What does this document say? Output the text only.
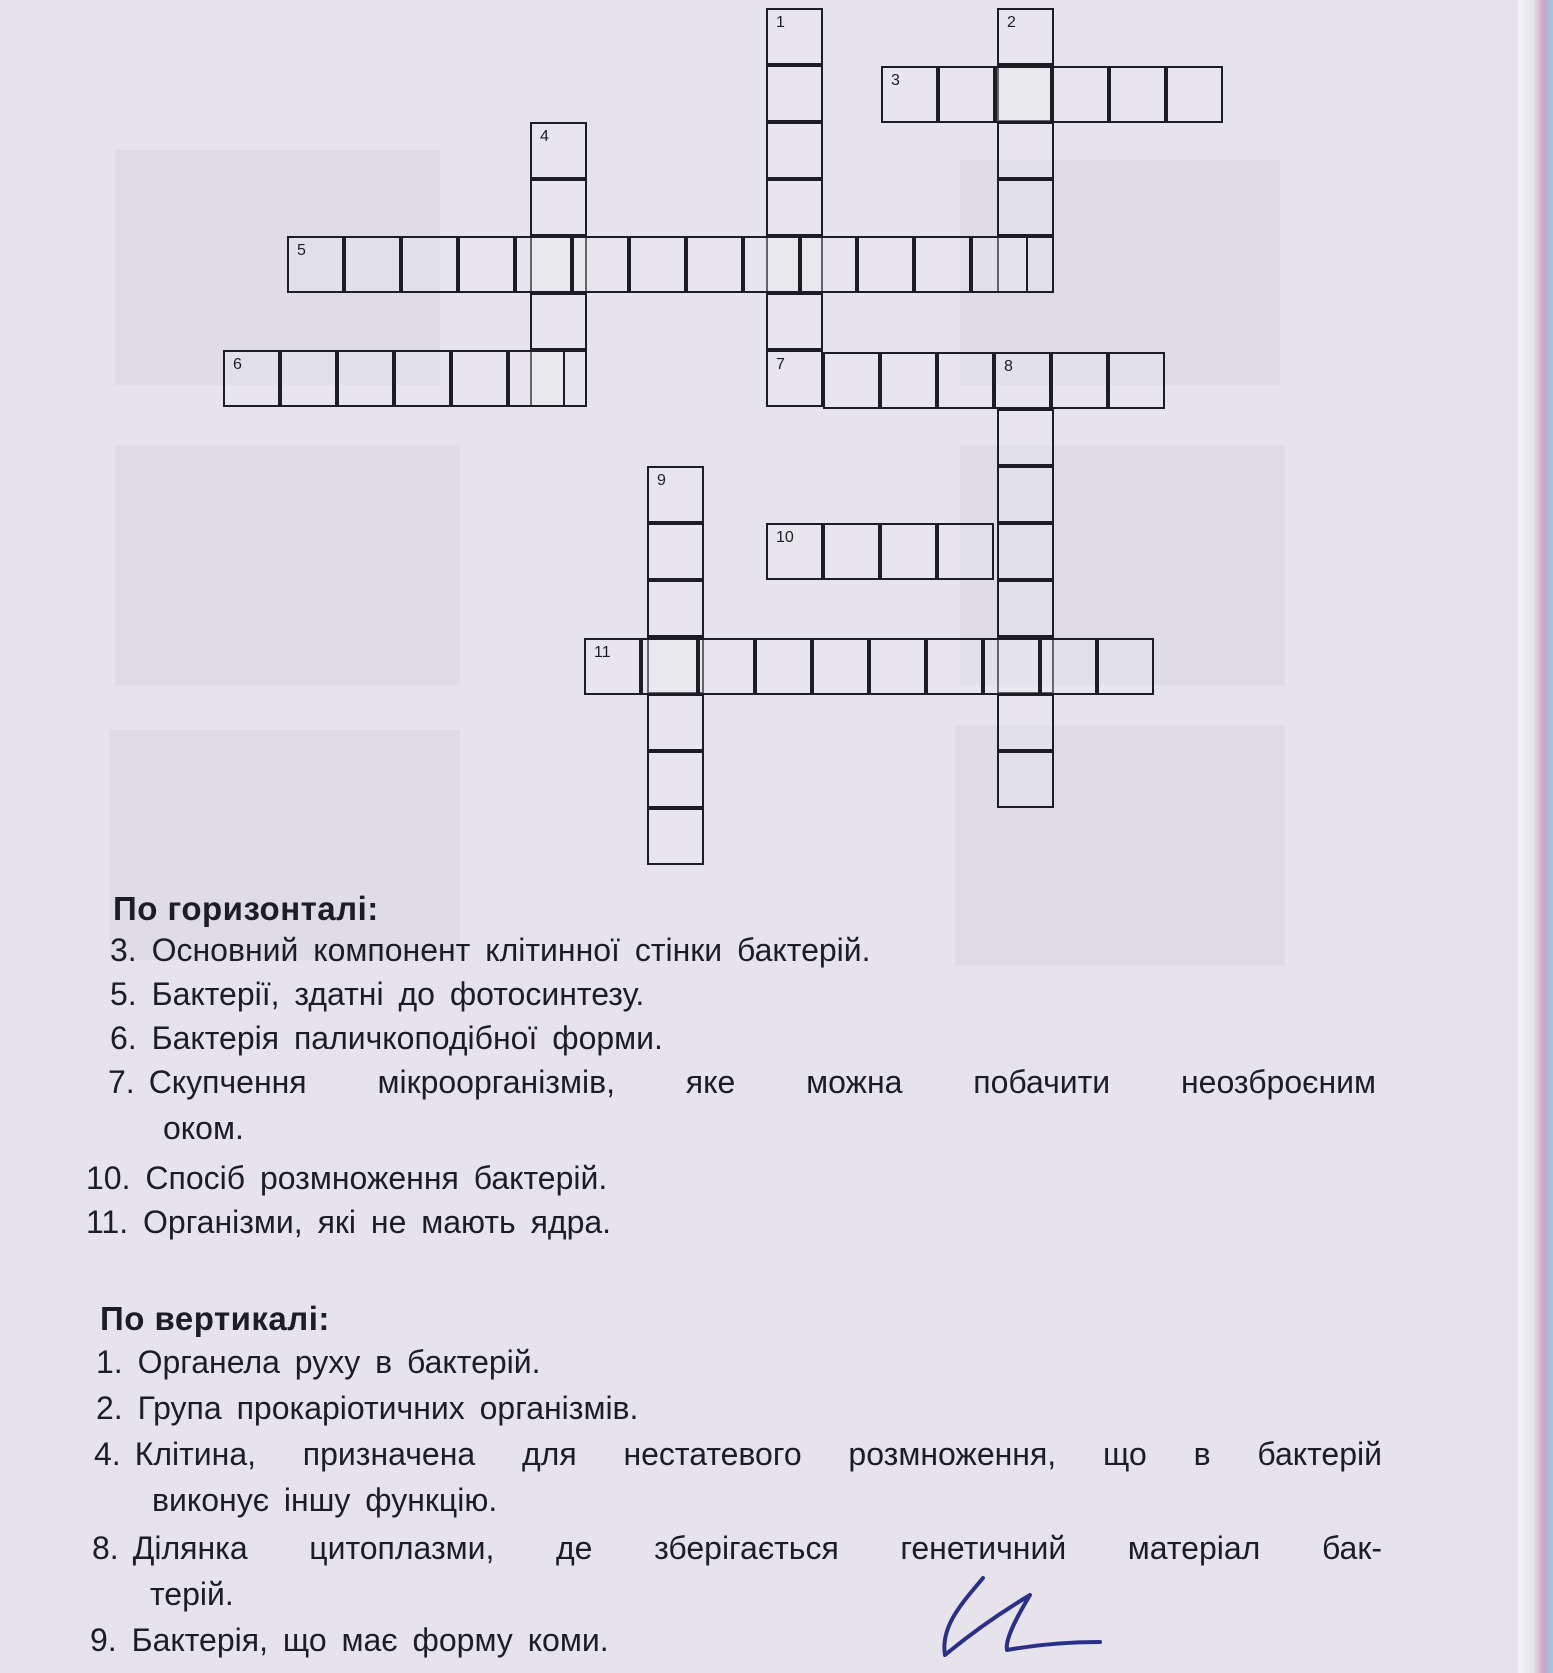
1
7
2
3
4
5
6	8
9
10
11
По горизонталі:
3. Основний компонент клітинної стінки бактерій.
5. Бактерії, здатні до фотосинтезу.
6. Бактерія паличкоподібної форми.
7. Скупчення мікроорганізмів, яке можна побачити неозброєним
оком.
10. Спосіб розмноження бактерій.
11. Організми, які не мають ядра.
По вертикалі:
1. Органела руху в бактерій.
2. Група прокаріотичних організмів.
4. Клітина, призначена для нестатевого розмноження, що в бактерій
виконує іншу функцію.
8. Ділянка цитоплазми, де зберігається генетичний матеріал бак-
терій.
9. Бактерія, що має форму коми.
